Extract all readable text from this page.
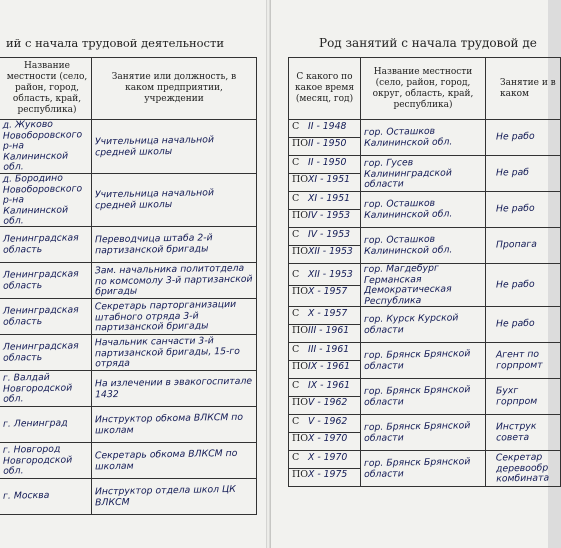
ий с начала трудовой деятельности
Название местности (село, район, город, область, край, республика)	Занятие или должность, в каком предприятии, учреждении

д. Жуково Новоборовского р-на Калининской обл.	Учительница начальной средней школы

д. Бородино Новоборовского р-на Калининской обл.	Учительница начальной средней школы

Ленинградская область	Переводчица штаба 2-й партизанской бригады

Ленинградская область	Зам. начальника политотдела по комсомолу 3-й партизанской бригады

Ленинградская область	Секретарь парторганизации штабного отряда 3-й партизанской бригады

Ленинградская область	Начальник санчасти 3-й партизанской бригады, 15-го отряда

г. Валдай Новгородской обл.	На излечении в эвакогоспитале 1432

г. Ленинград	Инструктор обкома ВЛКСМ по школам

г. Новгород Новгородской обл.	Секретарь обкома ВЛКСМ по школам

г. Москва	Инструктор отдела школ ЦК ВЛКСМ
Род занятий с начала трудовой де
С какого по какое время (месяц, год)	Название местности (село, район, город, округ, область, край, республика)	Занятие и в каком

С II - 1948
ПО II - 1950	гор. Осташков Калининской обл.	Не рабо

С II - 1950
ПО XI - 1951	гор. Гусев Калининградской области	Не раб

С XI - 1951
ПО IV - 1953	гор. Осташков Калининской обл.	Не рабо

С IV - 1953
ПО XII - 1953	гор. Осташков Калининской обл.	Пропага

С XII - 1953
ПО X - 1957	гор. Магдебург Германская Демократическая Республика	Не рабо

С X - 1957
ПО III - 1961	гор. Курск Курской области	Не рабо

С III - 1961
ПО IX - 1961	гор. Брянск Брянской области	Агент по горпромт

С IX - 1961
ПО V - 1962	гор. Брянск Брянской области	Бухг горпром

С V - 1962
ПО X - 1970	гор. Брянск Брянской области	Инструк совета

С X - 1970
ПО X - 1975	гор. Брянск Брянской области	Секретар деревообр комбината
